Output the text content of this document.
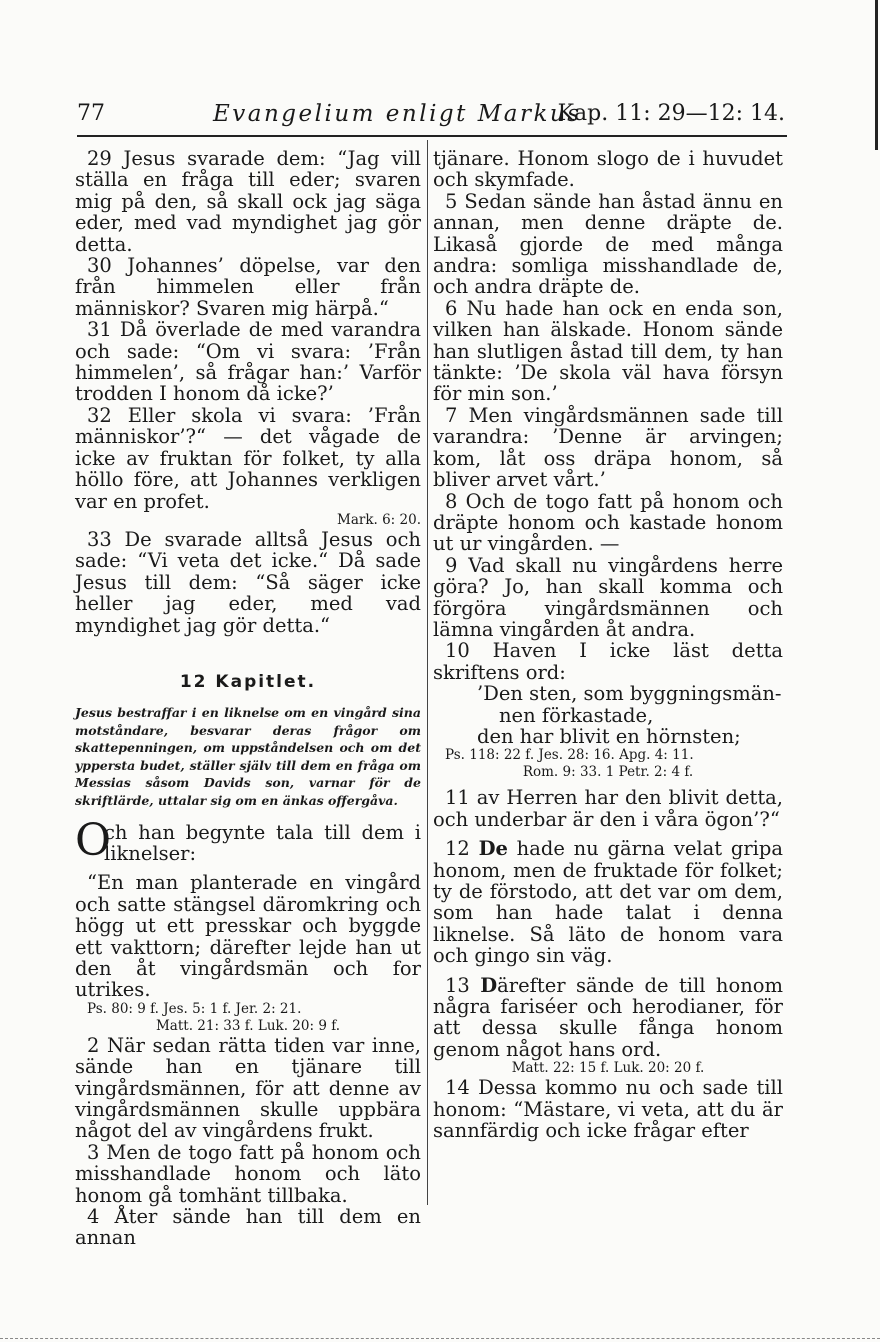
77	Evangelium enligt Markus
Kap. 11: 29—12: 14.

29 Jesus svarade dem: “Jag vill ställa en fråga till eder; svaren mig på den, så skall ock jag säga eder, med vad myndighet jag gör detta.

30 Johannes’ döpelse, var den från himmelen eller från människor? Svaren mig härpå.“

31 Då överlade de med varandra och sade: “Om vi svara: ’Från himmelen’, så frågar han:’ Varför trodden I honom då icke?’

32 Eller skola vi svara: ’Från människor’?“ — det vågade de icke av fruktan för folket, ty alla höllo före, att Johannes verkligen var en profet.

Mark. 6: 20.

33 De svarade alltså Jesus och sade: “Vi veta det icke.“ Då sade Jesus till dem: “Så säger icke heller jag eder, med vad myndighet jag gör detta.“

12 Kapitlet.

Jesus bestraffar i en liknelse om en vingård sina motståndare, besvarar deras frågor om skattepenningen, om uppståndelsen och om det yppersta budet, ställer själv till dem en fråga om Messias såsom Davids son, varnar för de skriftlärde, uttalar sig om en änkas offergåva.

O

ch han begynte tala till dem i liknelser:

“En man planterade en vingård och satte stängsel däromkring och högg ut ett presskar och byggde ett vakttorn; därefter lejde han ut den åt vingårdsmän och for utrikes.

Ps. 80: 9 f. Jes. 5: 1 f. Jer. 2: 21.

Matt. 21: 33 f. Luk. 20: 9 f.

2 När sedan rätta tiden var inne, sände han en tjänare till vingårdsmännen, för att denne av vingårdsmännen skulle uppbära något del av vingårdens frukt.

3 Men de togo fatt på honom och misshandlade honom och läto honom gå tomhänt tillbaka.

4 Åter sände han till dem en annan

tjänare. Honom slogo de i huvudet och skymfade.

5 Sedan sände han åstad ännu en annan, men denne dräpte de. Likaså gjorde de med många andra: somliga misshandlade de, och andra dräpte de.

6 Nu hade han ock en enda son, vilken han älskade. Honom sände han slutligen åstad till dem, ty han tänkte: ’De skola väl hava försyn för min son.’

7 Men vingårdsmännen sade till varandra: ’Denne är arvingen; kom, låt oss dräpa honom, så bliver arvet vårt.’

8 Och de togo fatt på honom och dräpte honom och kastade honom ut ur vingården. —

9 Vad skall nu vingårdens herre göra? Jo, han skall komma och förgöra vingårdsmännen och lämna vingården åt andra.

10 Haven I icke läst detta skriftens ord:

’Den sten, som byggningsmän-

nen förkastade,

den har blivit en hörnsten;

Ps. 118: 22 f. Jes. 28: 16. Apg. 4: 11.

Rom. 9: 33. 1 Petr. 2: 4 f.

11 av Herren har den blivit detta, och underbar är den i våra ögon’?“

12 De hade nu gärna velat gripa honom, men de fruktade för folket; ty de förstodo, att det var om dem, som han hade talat i denna liknelse. Så läto de honom vara och gingo sin väg.

13 Därefter sände de till honom några fariséer och herodianer, för att dessa skulle fånga honom genom något hans ord.

Matt. 22: 15 f. Luk. 20: 20 f.

14 Dessa kommo nu och sade till honom: “Mästare, vi veta, att du är sannfärdig och icke frågar efter
